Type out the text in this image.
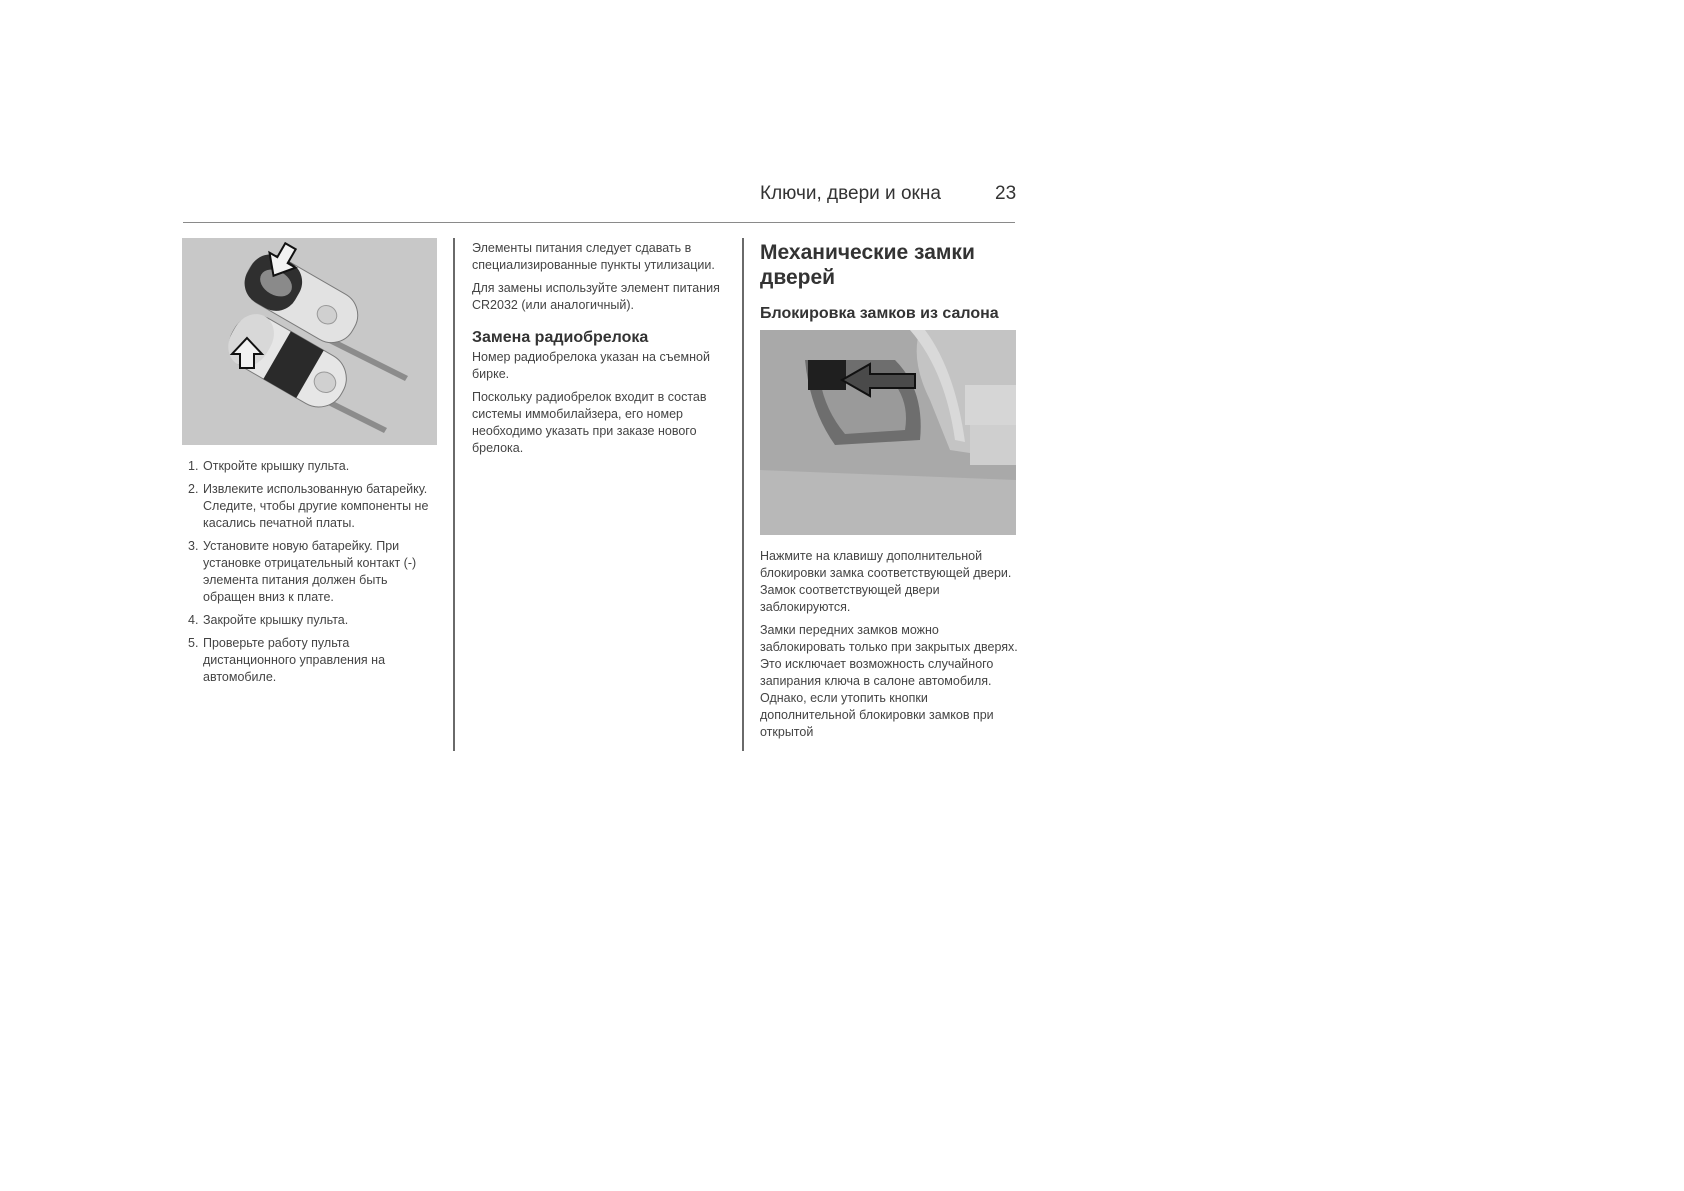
Ключи, двери и окна	23
1. Откройте крышку пульта.
2. Извлеките использованную батарейку. Следите, чтобы другие компоненты не касались печатной платы.
3. Установите новую батарейку. При установке отрицательный контакт (-) элемента питания должен быть обращен вниз к плате.
4. Закройте крышку пульта.
5. Проверьте работу пульта дистанционного управления на автомобиле.

Элементы питания следует сдавать в специализированные пункты утилизации.

Для замены используйте элемент питания CR2032 (или аналогичный).

Замена радиобрелока

Номер радиобрелока указан на съемной бирке.

Поскольку радиобрелок входит в состав системы иммобилайзера, его номер необходимо указать при заказе нового брелока.

Механические замки дверей
Блокировка замков из салона

Нажмите на клавишу дополнительной блокировки замка соответствующей двери. Замок соответствующей двери заблокируются.

Замки передних замков можно заблокировать только при закрытых дверях. Это исключает возможность случайного запирания ключа в салоне автомобиля. Однако, если утопить кнопки дополнительной блокировки замков при открытой
